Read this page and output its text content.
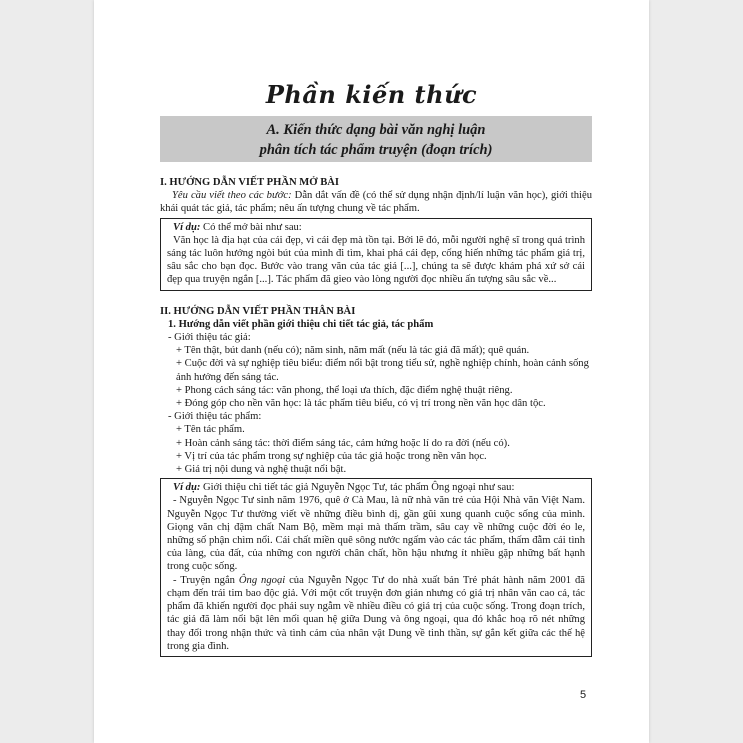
Phần kiến thức
A. Kiến thức dạng bài văn nghị luận
phân tích tác phẩm truyện (đoạn trích)
I. HƯỚNG DẪN VIẾT PHẦN MỞ BÀI
Yêu cầu viết theo các bước: Dẫn dắt vấn đề (có thể sử dụng nhận định/lí luận văn học), giới thiệu khái quát tác giả, tác phẩm; nêu ấn tượng chung về tác phẩm.
Ví dụ: Có thể mở bài như sau:
Văn học là địa hạt của cái đẹp, vì cái đẹp mà tồn tại. Bởi lẽ đó, mỗi người nghệ sĩ trong quá trình sáng tác luôn hướng ngòi bút của mình đi tìm, khai phá cái đẹp, cống hiến những tác phẩm giá trị, sâu sắc cho bạn đọc. Bước vào trang văn của tác giả [...], chúng ta sẽ được khám phá xứ sở cái đẹp qua truyện ngắn [...]. Tác phẩm đã gieo vào lòng người đọc nhiều ấn tượng sâu sắc về...
II. HƯỚNG DẪN VIẾT PHẦN THÂN BÀI
1. Hướng dẫn viết phần giới thiệu chi tiết tác giả, tác phẩm
- Giới thiệu tác giả:
+ Tên thật, bút danh (nếu có); năm sinh, năm mất (nếu là tác giả đã mất); quê quán.
+ Cuộc đời và sự nghiệp tiêu biểu: điểm nổi bật trong tiểu sử, nghề nghiệp chính, hoàn cảnh sống ảnh hưởng đến sáng tác.
+ Phong cách sáng tác: văn phong, thể loại ưa thích, đặc điểm nghệ thuật riêng.
+ Đóng góp cho nền văn học: là tác phẩm tiêu biểu, có vị trí trong nền văn học dân tộc.
- Giới thiệu tác phẩm:
+ Tên tác phẩm.
+ Hoàn cảnh sáng tác: thời điểm sáng tác, cảm hứng hoặc lí do ra đời (nếu có).
+ Vị trí của tác phẩm trong sự nghiệp của tác giả hoặc trong nền văn học.
+ Giá trị nội dung và nghệ thuật nổi bật.
Ví dụ: Giới thiệu chi tiết tác giả Nguyễn Ngọc Tư, tác phẩm Ông ngoại như sau:
- Nguyễn Ngọc Tư sinh năm 1976, quê ở Cà Mau, là nữ nhà văn trẻ của Hội Nhà văn Việt Nam. Nguyễn Ngọc Tư thường viết về những điều bình dị, gần gũi xung quanh cuộc sống của mình. Giọng văn chị đậm chất Nam Bộ, mềm mại mà thấm trầm, sâu cay về những cuộc đời éo le, những số phận chìm nổi. Cái chất miền quê sông nước ngấm vào các tác phẩm, thấm đẫm cái tình của làng, của đất, của những con người chân chất, hồn hậu nhưng ít nhiều gặp những bất hạnh trong cuộc sống.
- Truyện ngắn Ông ngoại của Nguyễn Ngọc Tư do nhà xuất bản Trẻ phát hành năm 2001 đã chạm đến trái tim bao độc giả. Với một cốt truyện đơn giản nhưng có giá trị nhân văn cao cả, tác phẩm đã khiến người đọc phải suy ngẫm về nhiều điều có giá trị của cuộc sống. Trong đoạn trích, tác giả đã làm nổi bật lên mối quan hệ giữa Dung và ông ngoại, qua đó khắc hoạ rõ nét những thay đổi trong nhận thức và tình cảm của nhân vật Dung về tinh thần, sự gắn kết giữa các thế hệ trong gia đình.
5
